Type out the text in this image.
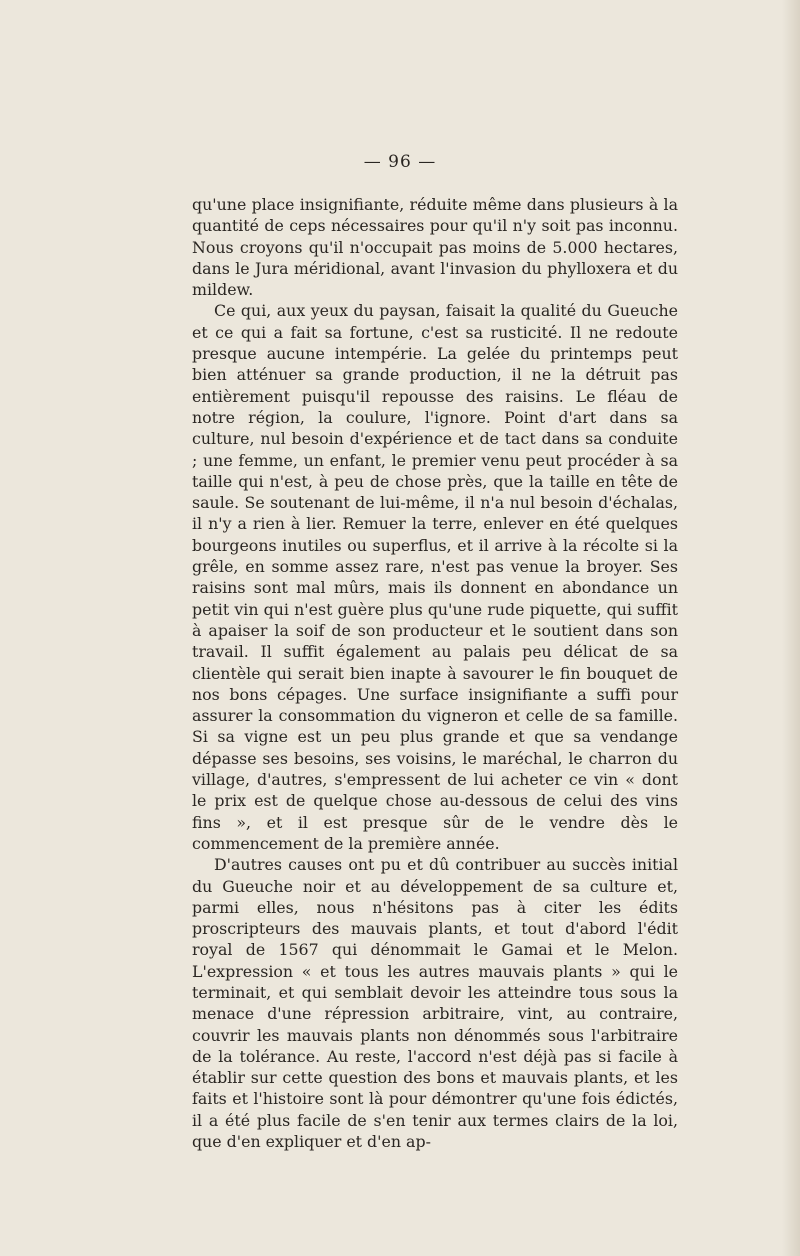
— 96 —

qu'une place insignifiante, réduite même dans plusieurs à la quantité de ceps nécessaires pour qu'il n'y soit pas inconnu. Nous croyons qu'il n'occupait pas moins de 5.000 hectares, dans le Jura méridional, avant l'invasion du phylloxera et du mildew.

Ce qui, aux yeux du paysan, faisait la qualité du Gueuche et ce qui a fait sa fortune, c'est sa rusticité. Il ne redoute presque aucune intempérie. La gelée du printemps peut bien atténuer sa grande production, il ne la détruit pas entièrement puisqu'il repousse des raisins. Le fléau de notre région, la coulure, l'ignore. Point d'art dans sa culture, nul besoin d'expérience et de tact dans sa conduite ; une femme, un enfant, le premier venu peut procéder à sa taille qui n'est, à peu de chose près, que la taille en tête de saule. Se soutenant de lui-même, il n'a nul besoin d'échalas, il n'y a rien à lier. Remuer la terre, enlever en été quelques bourgeons inutiles ou superflus, et il arrive à la récolte si la grêle, en somme assez rare, n'est pas venue la broyer. Ses raisins sont mal mûrs, mais ils donnent en abondance un petit vin qui n'est guère plus qu'une rude piquette, qui suffit à apaiser la soif de son producteur et le soutient dans son travail. Il suffit également au palais peu délicat de sa clientèle qui serait bien inapte à savourer le fin bouquet de nos bons cépages. Une surface insignifiante a suffi pour assurer la consommation du vigneron et celle de sa famille. Si sa vigne est un peu plus grande et que sa vendange dépasse ses besoins, ses voisins, le maréchal, le charron du village, d'autres, s'empressent de lui acheter ce vin « dont le prix est de quelque chose au-dessous de celui des vins fins », et il est presque sûr de le vendre dès le commencement de la première année.

D'autres causes ont pu et dû contribuer au succès initial du Gueuche noir et au développement de sa culture et, parmi elles, nous n'hésitons pas à citer les édits proscripteurs des mauvais plants, et tout d'abord l'édit royal de 1567 qui dénommait le Gamai et le Melon. L'expression « et tous les autres mauvais plants » qui le terminait, et qui semblait devoir les atteindre tous sous la menace d'une répression arbitraire, vint, au contraire, couvrir les mauvais plants non dénommés sous l'arbitraire de la tolérance. Au reste, l'accord n'est déjà pas si facile à établir sur cette question des bons et mauvais plants, et les faits et l'histoire sont là pour démontrer qu'une fois édictés, il a été plus facile de s'en tenir aux termes clairs de la loi, que d'en expliquer et d'en ap-
